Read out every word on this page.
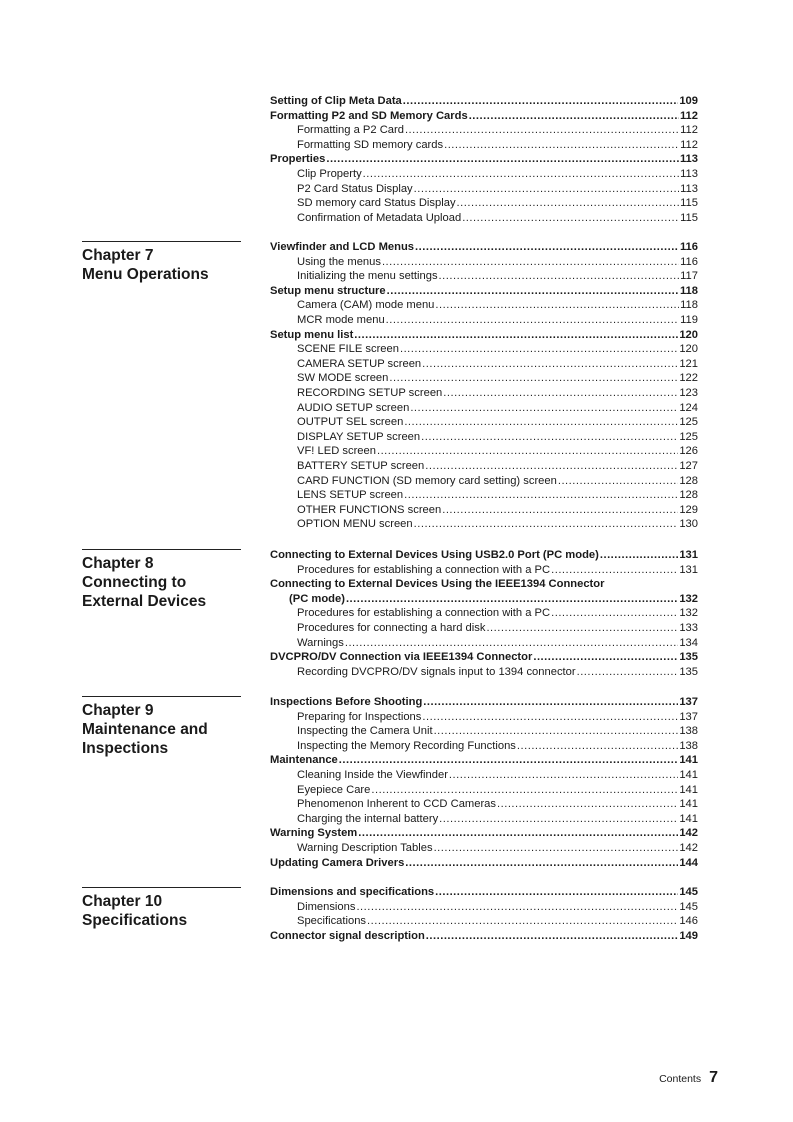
Chapter 7

Menu Operations

Chapter 8

Connecting to

External Devices

Chapter 9

Maintenance and

Inspections

Chapter 10

Specifications

Setting of Clip Meta Data .....	109
Formatting P2 and SD Memory Cards .....	112
Formatting a P2 Card .....	112
Formatting SD memory cards .....	112
Properties .....	113
Clip Property .....	113
P2 Card Status Display .....	113
SD memory card Status Display .....	115
Confirmation of Metadata Upload .....	115
Viewfinder and LCD Menus .....	116
Using the menus .....	116
Initializing the menu settings .....	117
Setup menu structure .....	118
Camera (CAM) mode menu .....	118
MCR mode menu .....	119
Setup menu list .....	120
SCENE FILE screen .....	120
CAMERA SETUP screen .....	121
SW MODE screen .....	122
RECORDING SETUP screen .....	123
AUDIO SETUP screen .....	124
OUTPUT SEL screen .....	125
DISPLAY SETUP screen .....	125
VF! LED screen .....	126
BATTERY SETUP screen .....	127
CARD FUNCTION (SD memory card setting) screen .....	128
LENS SETUP screen .....	128
OTHER FUNCTIONS screen .....	129
OPTION MENU screen .....	130
Connecting to External Devices Using USB2.0 Port (PC mode) .....	131
Procedures for establishing a connection with a PC .....	131
Connecting to External Devices Using the IEEE1394 Connector
(PC mode) .....	132
Procedures for establishing a connection with a PC .....	132
Procedures for connecting a hard disk .....	133
Warnings .....	134
DVCPRO/DV Connection via IEEE1394 Connector .....	135
Recording DVCPRO/DV signals input to 1394 connector .....	135
Inspections Before Shooting .....	137
Preparing for Inspections .....	137
Inspecting the Camera Unit .....	138
Inspecting the Memory Recording Functions .....	138
Maintenance .....	141
Cleaning Inside the Viewfinder .....	141
Eyepiece Care .....	141
Phenomenon Inherent to CCD Cameras .....	141
Charging the internal battery .....	141
Warning System .....	142
Warning Description Tables .....	142
Updating Camera Drivers .....	144
Dimensions and specifications .....	145
Dimensions .....	145
Specifications .....	146
Connector signal description .....	149
Contents 7
